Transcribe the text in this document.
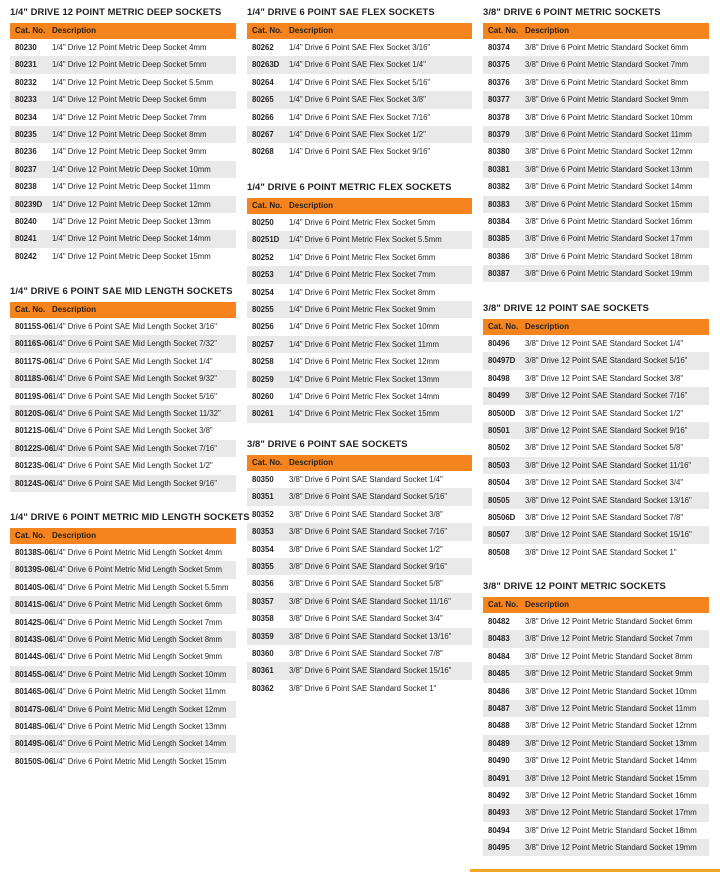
1/4" DRIVE 12 POINT METRIC DEEP SOCKETS
Cat. No. Description
80230	1/4" Drive 12 Point Metric Deep Socket 4mm
80231	1/4" Drive 12 Point Metric Deep Socket 5mm
80232	1/4" Drive 12 Point Metric Deep Socket 5.5mm
80233	1/4" Drive 12 Point Metric Deep Socket 6mm
80234	1/4" Drive 12 Point Metric Deep Socket 7mm
80235	1/4" Drive 12 Point Metric Deep Socket 8mm
80236	1/4" Drive 12 Point Metric Deep Socket 9mm
80237	1/4" Drive 12 Point Metric Deep Socket 10mm
80238	1/4" Drive 12 Point Metric Deep Socket 11mm
80239D	1/4" Drive 12 Point Metric Deep Socket 12mm
80240	1/4" Drive 12 Point Metric Deep Socket 13mm
80241	1/4" Drive 12 Point Metric Deep Socket 14mm
80242	1/4" Drive 12 Point Metric Deep Socket 15mm
1/4" DRIVE 6 POINT SAE MID LENGTH SOCKETS
Cat. No. Description
80115S-06 1/4" Drive 6 Point SAE Mid Length Socket 3/16"
80116S-06 1/4" Drive 6 Point SAE Mid Length Socket 7/32"
80117S-06 1/4" Drive 6 Point SAE Mid Length Socket 1/4"
80118S-06 1/4" Drive 6 Point SAE Mid Length Socket 9/32"
80119S-06 1/4" Drive 6 Point SAE Mid Length Socket 5/16"
80120S-06
1/4" Drive 6 Point SAE Mid Length Socket 11/32"
80121S-06
1/4" Drive 6 Point SAE Mid Length Socket 3/8"
80122S-06
1/4" Drive 6 Point SAE Mid Length Socket 7/16"
80123S-06
1/4" Drive 6 Point SAE Mid Length Socket 1/2"
80124S-06
1/4" Drive 6 Point SAE Mid Length Socket 9/16"
1/4" DRIVE 6 POINT METRIC MID LENGTH SOCKETS
Cat. No. Description
80138S-06
1/4" Drive 6 Point Metric Mid Length Socket 4mm
80139S-06
1/4" Drive 6 Point Metric Mid Length Socket 5mm
80140S-06
1/4" Drive 6 Point Metric Mid Length Socket 5.5mm
80141S-06
1/4" Drive 6 Point Metric Mid Length Socket 6mm
80142S-06
1/4" Drive 6 Point Metric Mid Length Socket 7mm
80143S-06
1/4" Drive 6 Point Metric Mid Length Socket 8mm
80144S-06
1/4" Drive 6 Point Metric Mid Length Socket 9mm
80145S-06
1/4" Drive 6 Point Metric Mid Length Socket 10mm
80146S-06
1/4" Drive 6 Point Metric Mid Length Socket 11mm
80147S-06
1/4" Drive 6 Point Metric Mid Length Socket 12mm
80148S-06
1/4" Drive 6 Point Metric Mid Length Socket 13mm
80149S-06
1/4" Drive 6 Point Metric Mid Length Socket 14mm
80150S-06
1/4" Drive 6 Point Metric Mid Length Socket 15mm
1/4" DRIVE 6 POINT SAE FLEX SOCKETS
Cat. No. Description
80262	1/4" Drive 6 Point SAE Flex Socket 3/16"
80263D	1/4" Drive 6 Point SAE Flex Socket 1/4"
80264	1/4" Drive 6 Point SAE Flex Socket 5/16"
80265	1/4" Drive 6 Point SAE Flex Socket 3/8"
80266	1/4" Drive 6 Point SAE Flex Socket 7/16"
80267	1/4" Drive 6 Point SAE Flex Socket 1/2"
80268	1/4" Drive 6 Point SAE Flex Socket 9/16"
1/4" DRIVE 6 POINT METRIC FLEX SOCKETS
Cat. No. Description
80250	1/4" Drive 6 Point Metric Flex Socket 5mm
80251D	1/4" Drive 6 Point Metric Flex Socket 5.5mm
80252	1/4" Drive 6 Point Metric Flex Socket 6mm
80253	1/4" Drive 6 Point Metric Flex Socket 7mm
80254	1/4" Drive 6 Point Metric Flex Socket 8mm
80255	1/4" Drive 6 Point Metric Flex Socket 9mm
80256	1/4" Drive 6 Point Metric Flex Socket 10mm
80257	1/4" Drive 6 Point Metric Flex Socket 11mm
80258	1/4" Drive 6 Point Metric Flex Socket 12mm
80259	1/4" Drive 6 Point Metric Flex Socket 13mm
80260	1/4" Drive 6 Point Metric Flex Socket 14mm
80261	1/4" Drive 6 Point Metric Flex Socket 15mm
3/8" DRIVE 6 POINT SAE SOCKETS
Cat. No. Description
80350	3/8" Drive 6 Point SAE Standard Socket 1/4"
80351	3/8" Drive 6 Point SAE Standard Socket 5/16"
80352	3/8" Drive 6 Point SAE Standard Socket 3/8"
80353	3/8" Drive 6 Point SAE Standard Socket 7/16"
80354	3/8" Drive 6 Point SAE Standard Socket 1/2"
80355	3/8" Drive 6 Point SAE Standard Socket 9/16"
80356	3/8" Drive 6 Point SAE Standard Socket 5/8"
80357	3/8" Drive 6 Point SAE Standard Socket 11/16"
80358	3/8" Drive 6 Point SAE Standard Socket 3/4"
80359	3/8" Drive 6 Point SAE Standard Socket 13/16"
80360	3/8" Drive 6 Point SAE Standard Socket 7/8"
80361	3/8" Drive 6 Point SAE Standard Socket 15/16"
80362	3/8" Drive 6 Point SAE Standard Socket 1"
3/8" DRIVE 6 POINT METRIC SOCKETS
Cat. No. Description
80374	3/8" Drive 6 Point Metric Standard Socket 6mm
80375	3/8" Drive 6 Point Metric Standard Socket 7mm
80376	3/8" Drive 6 Point Metric Standard Socket 8mm
80377	3/8" Drive 6 Point Metric Standard Socket 9mm
80378	3/8" Drive 6 Point Metric Standard Socket 10mm
80379	3/8" Drive 6 Point Metric Standard Socket 11mm
80380	3/8" Drive 6 Point Metric Standard Socket 12mm
80381	3/8" Drive 6 Point Metric Standard Socket 13mm
80382	3/8" Drive 6 Point Metric Standard Socket 14mm
80383	3/8" Drive 6 Point Metric Standard Socket 15mm
80384	3/8" Drive 6 Point Metric Standard Socket 16mm
80385	3/8" Drive 6 Point Metric Standard Socket 17mm
80386	3/8" Drive 6 Point Metric Standard Socket 18mm
80387	3/8" Drive 6 Point Metric Standard Socket 19mm
3/8" DRIVE 12 POINT SAE SOCKETS
Cat. No. Description
80496	3/8" Drive 12 Point SAE Standard Socket 1/4"
80497D	3/8" Drive 12 Point SAE Standard Socket 5/16"
80498	3/8" Drive 12 Point SAE Standard Socket 3/8"
80499	3/8" Drive 12 Point SAE Standard Socket 7/16"
80500D	3/8" Drive 12 Point SAE Standard Socket 1/2"
80501	3/8" Drive 12 Point SAE Standard Socket 9/16"
80502	3/8" Drive 12 Point SAE Standard Socket 5/8"
80503	3/8" Drive 12 Point SAE Standard Socket 11/16"
80504	3/8" Drive 12 Point SAE Standard Socket 3/4"
80505	3/8" Drive 12 Point SAE Standard Socket 13/16"
80506D	3/8" Drive 12 Point SAE Standard Socket 7/8"
80507	3/8" Drive 12 Point SAE Standard Socket 15/16"
80508	3/8" Drive 12 Point SAE Standard Socket 1"
3/8" DRIVE 12 POINT METRIC SOCKETS
Cat. No. Description
80482	3/8" Drive 12 Point Metric Standard Socket 6mm
80483	3/8" Drive 12 Point Metric Standard Socket 7mm
80484	3/8" Drive 12 Point Metric Standard Socket 8mm
80485	3/8" Drive 12 Point Metric Standard Socket 9mm
80486	3/8" Drive 12 Point Metric Standard Socket 10mm
80487	3/8" Drive 12 Point Metric Standard Socket 11mm
80488	3/8" Drive 12 Point Metric Standard Socket 12mm
80489	3/8" Drive 12 Point Metric Standard Socket 13mm
80490	3/8" Drive 12 Point Metric Standard Socket 14mm
80491	3/8" Drive 12 Point Metric Standard Socket 15mm
80492	3/8" Drive 12 Point Metric Standard Socket 16mm
80493	3/8" Drive 12 Point Metric Standard Socket 17mm
80494	3/8" Drive 12 Point Metric Standard Socket 18mm
80495	3/8" Drive 12 Point Metric Standard Socket 19mm
